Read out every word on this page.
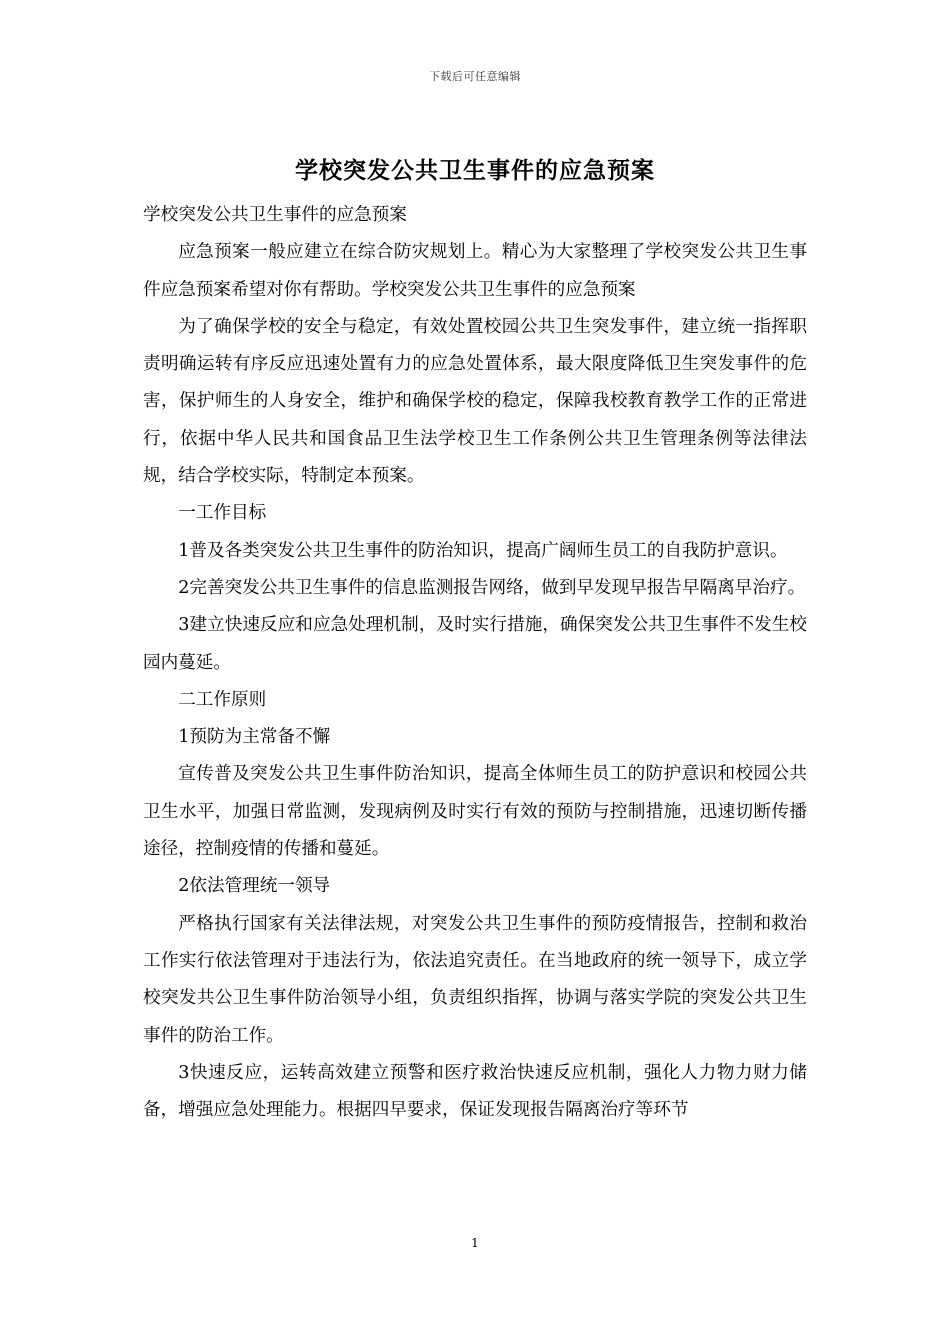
下载后可任意编辑
学校突发公共卫生事件的应急预案

学校突发公共卫生事件的应急预案

应急预案一般应建立在综合防灾规划上。精心为大家整理了学校突发公共卫生事件应急预案希望对你有帮助。学校突发公共卫生事件的应急预案

为了确保学校的安全与稳定，有效处置校园公共卫生突发事件，建立统一指挥职责明确运转有序反应迅速处置有力的应急处置体系，最大限度降低卫生突发事件的危害，保护师生的人身安全，维护和确保学校的稳定，保障我校教育教学工作的正常进行，依据中华人民共和国食品卫生法学校卫生工作条例公共卫生管理条例等法律法规，结合学校实际，特制定本预案。

一工作目标

1普及各类突发公共卫生事件的防治知识，提高广阔师生员工的自我防护意识。

2完善突发公共卫生事件的信息监测报告网络，做到早发现早报告早隔离早治疗。

3建立快速反应和应急处理机制，及时实行措施，确保突发公共卫生事件不发生校园内蔓延。

二工作原则

1预防为主常备不懈

宣传普及突发公共卫生事件防治知识，提高全体师生员工的防护意识和校园公共卫生水平，加强日常监测，发现病例及时实行有效的预防与控制措施，迅速切断传播途径，控制疫情的传播和蔓延。

2依法管理统一领导

严格执行国家有关法律法规，对突发公共卫生事件的预防疫情报告，控制和救治工作实行依法管理对于违法行为，依法追究责任。在当地政府的统一领导下，成立学校突发共公卫生事件防治领导小组，负责组织指挥，协调与落实学院的突发公共卫生事件的防治工作。

3快速反应，运转高效建立预警和医疗救治快速反应机制，强化人力物力财力储备，增强应急处理能力。根据四早要求，保证发现报告隔离治疗等环节

1
